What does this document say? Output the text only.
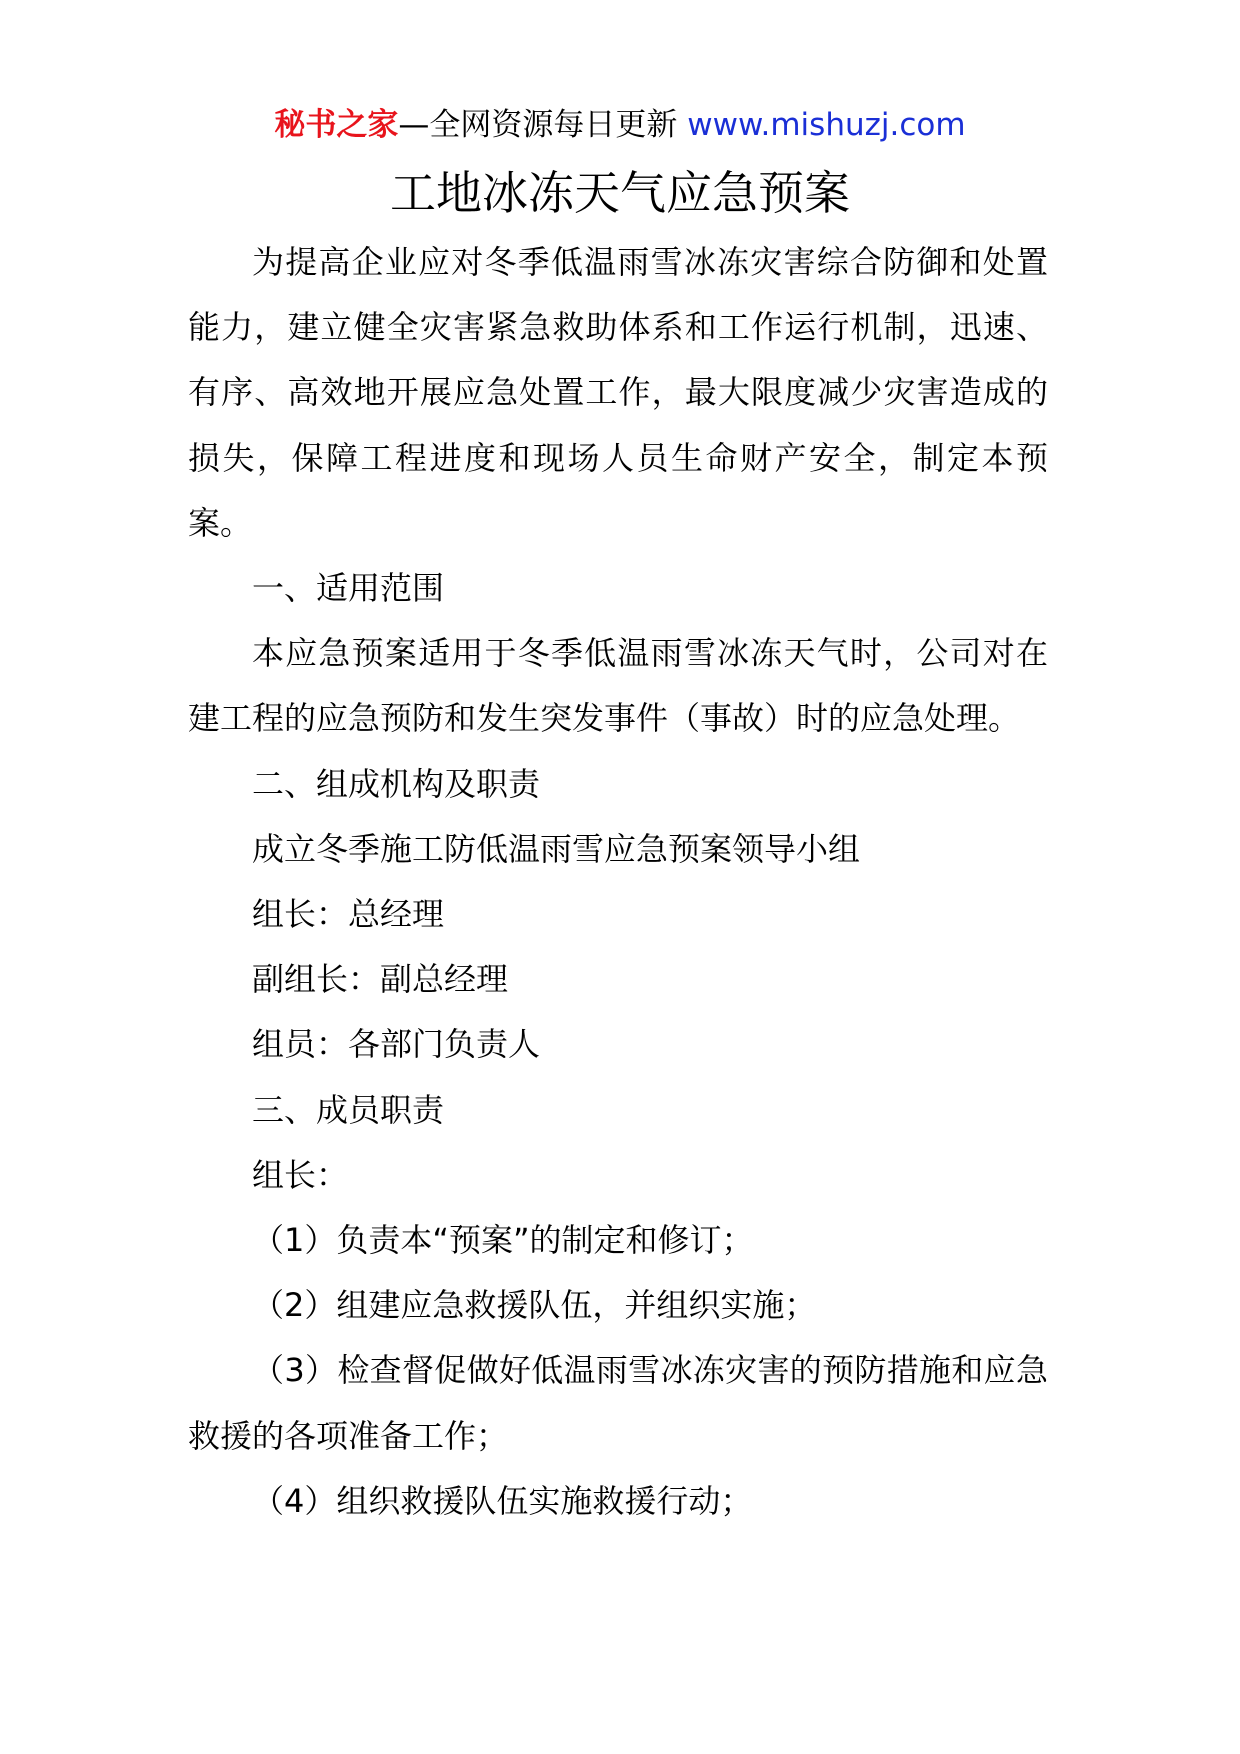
秘书之家—全网资源每日更新 www.mishuzj.com
工地冰冻天气应急预案

为提高企业应对冬季低温雨雪冰冻灾害综合防御和处置能力，建立健全灾害紧急救助体系和工作运行机制，迅速、有序、高效地开展应急处置工作，最大限度减少灾害造成的损失，保障工程进度和现场人员生命财产安全，制定本预案。

一、适用范围

本应急预案适用于冬季低温雨雪冰冻天气时，公司对在建工程的应急预防和发生突发事件（事故）时的应急处理。

二、组成机构及职责

成立冬季施工防低温雨雪应急预案领导小组

组长：总经理

副组长：副总经理

组员：各部门负责人

三、成员职责

组长：

（1）负责本“预案”的制定和修订；

（2）组建应急救援队伍，并组织实施；

（3）检查督促做好低温雨雪冰冻灾害的预防措施和应急救援的各项准备工作；

（4）组织救援队伍实施救援行动；
